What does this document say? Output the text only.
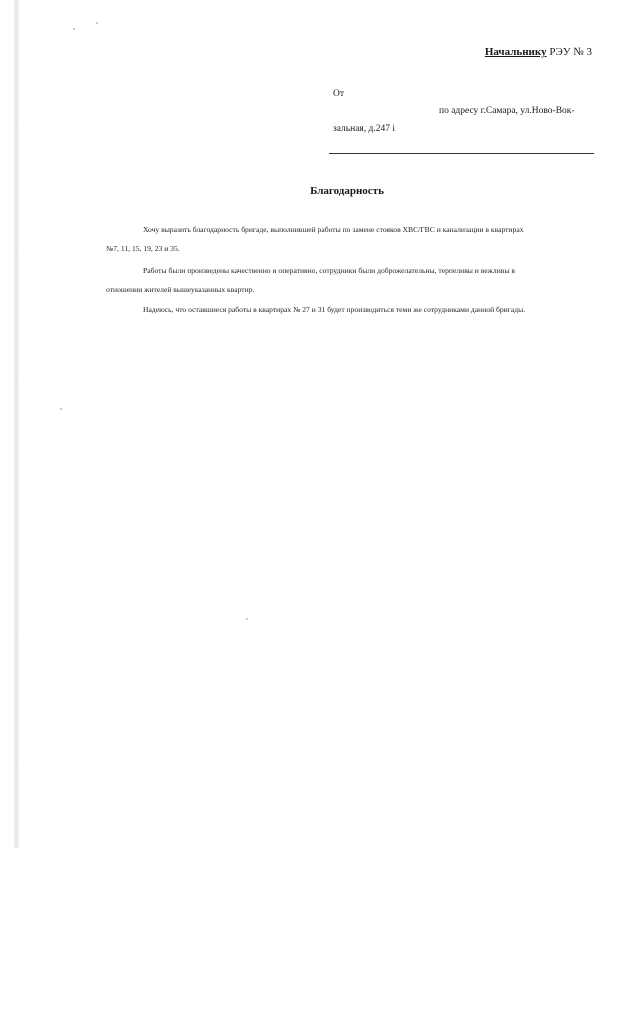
Начальнику РЭУ № 3
От
по адресу г.Самара, ул.Ново-Вок-
зальная, д.247 і
Благодарность
Хочу выразить благодарность бригаде, выполнившей работы по замене стояков ХВС/ГВС и канализации в квартирах
№7, 11, 15, 19, 23 и 35.
Работы были произведены качественно и оперативно, сотрудники были доброжелательны, терпеливы и вежливы в
отношении жителей вышеуказанных квартир.
Надеюсь, что оставшиеся работы в квартирах № 27 и 31 будет производиться теми же сотрудниками данной бригады.
